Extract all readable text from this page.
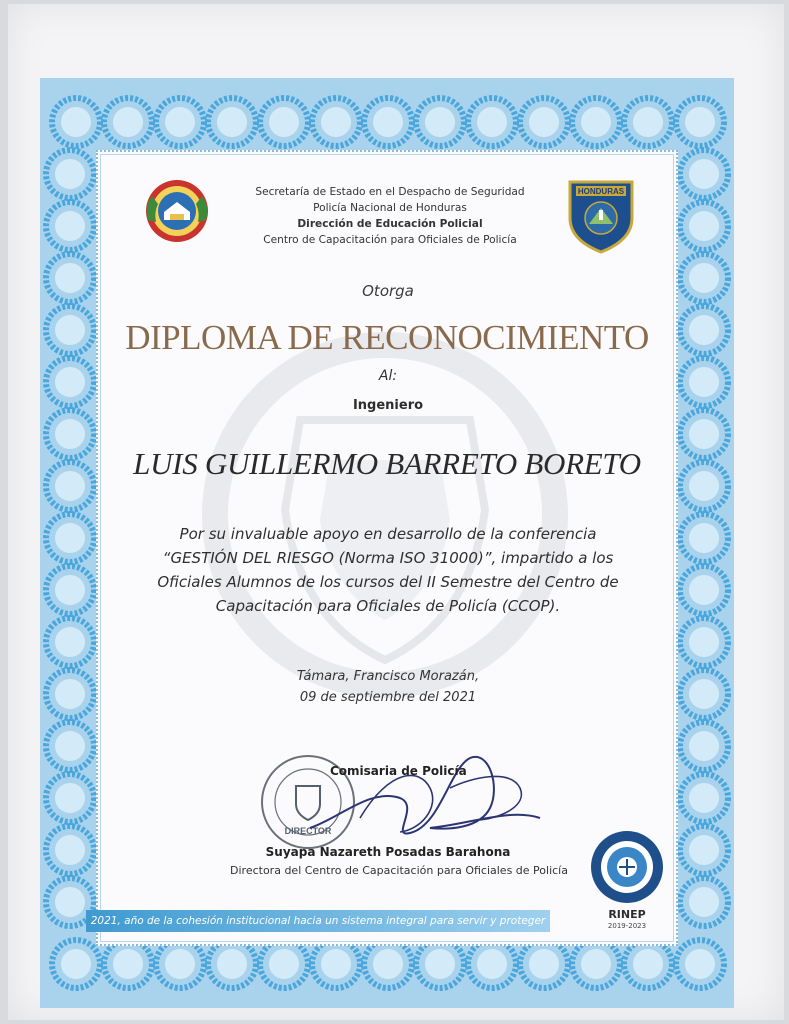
Secretaría de Estado en el Despacho de Seguridad
Policía Nacional de Honduras
Dirección de Educación Policial
Centro de Capacitación para Oficiales de Policía
HONDURAS
Otorga
DIPLOMA DE RECONOCIMIENTO
Al:
Ingeniero
LUIS GUILLERMO BARRETO BORETO
Por su invaluable apoyo en desarrollo de la conferencia
“GESTIÓN DEL RIESGO (Norma ISO 31000)”, impartido a los
Oficiales Alumnos de los cursos del II Semestre del Centro de
Capacitación para Oficiales de Policía (CCOP).
Támara, Francisco Morazán,
09 de septiembre del 2021
DIRECTOR
Comisaria de Policía
Suyapa Nazareth Posadas Barahona
Directora del Centro de Capacitación para Oficiales de Policía
RINEP
2019-2023
2021, año de la cohesión institucional hacia un sistema integral para servir y proteger
